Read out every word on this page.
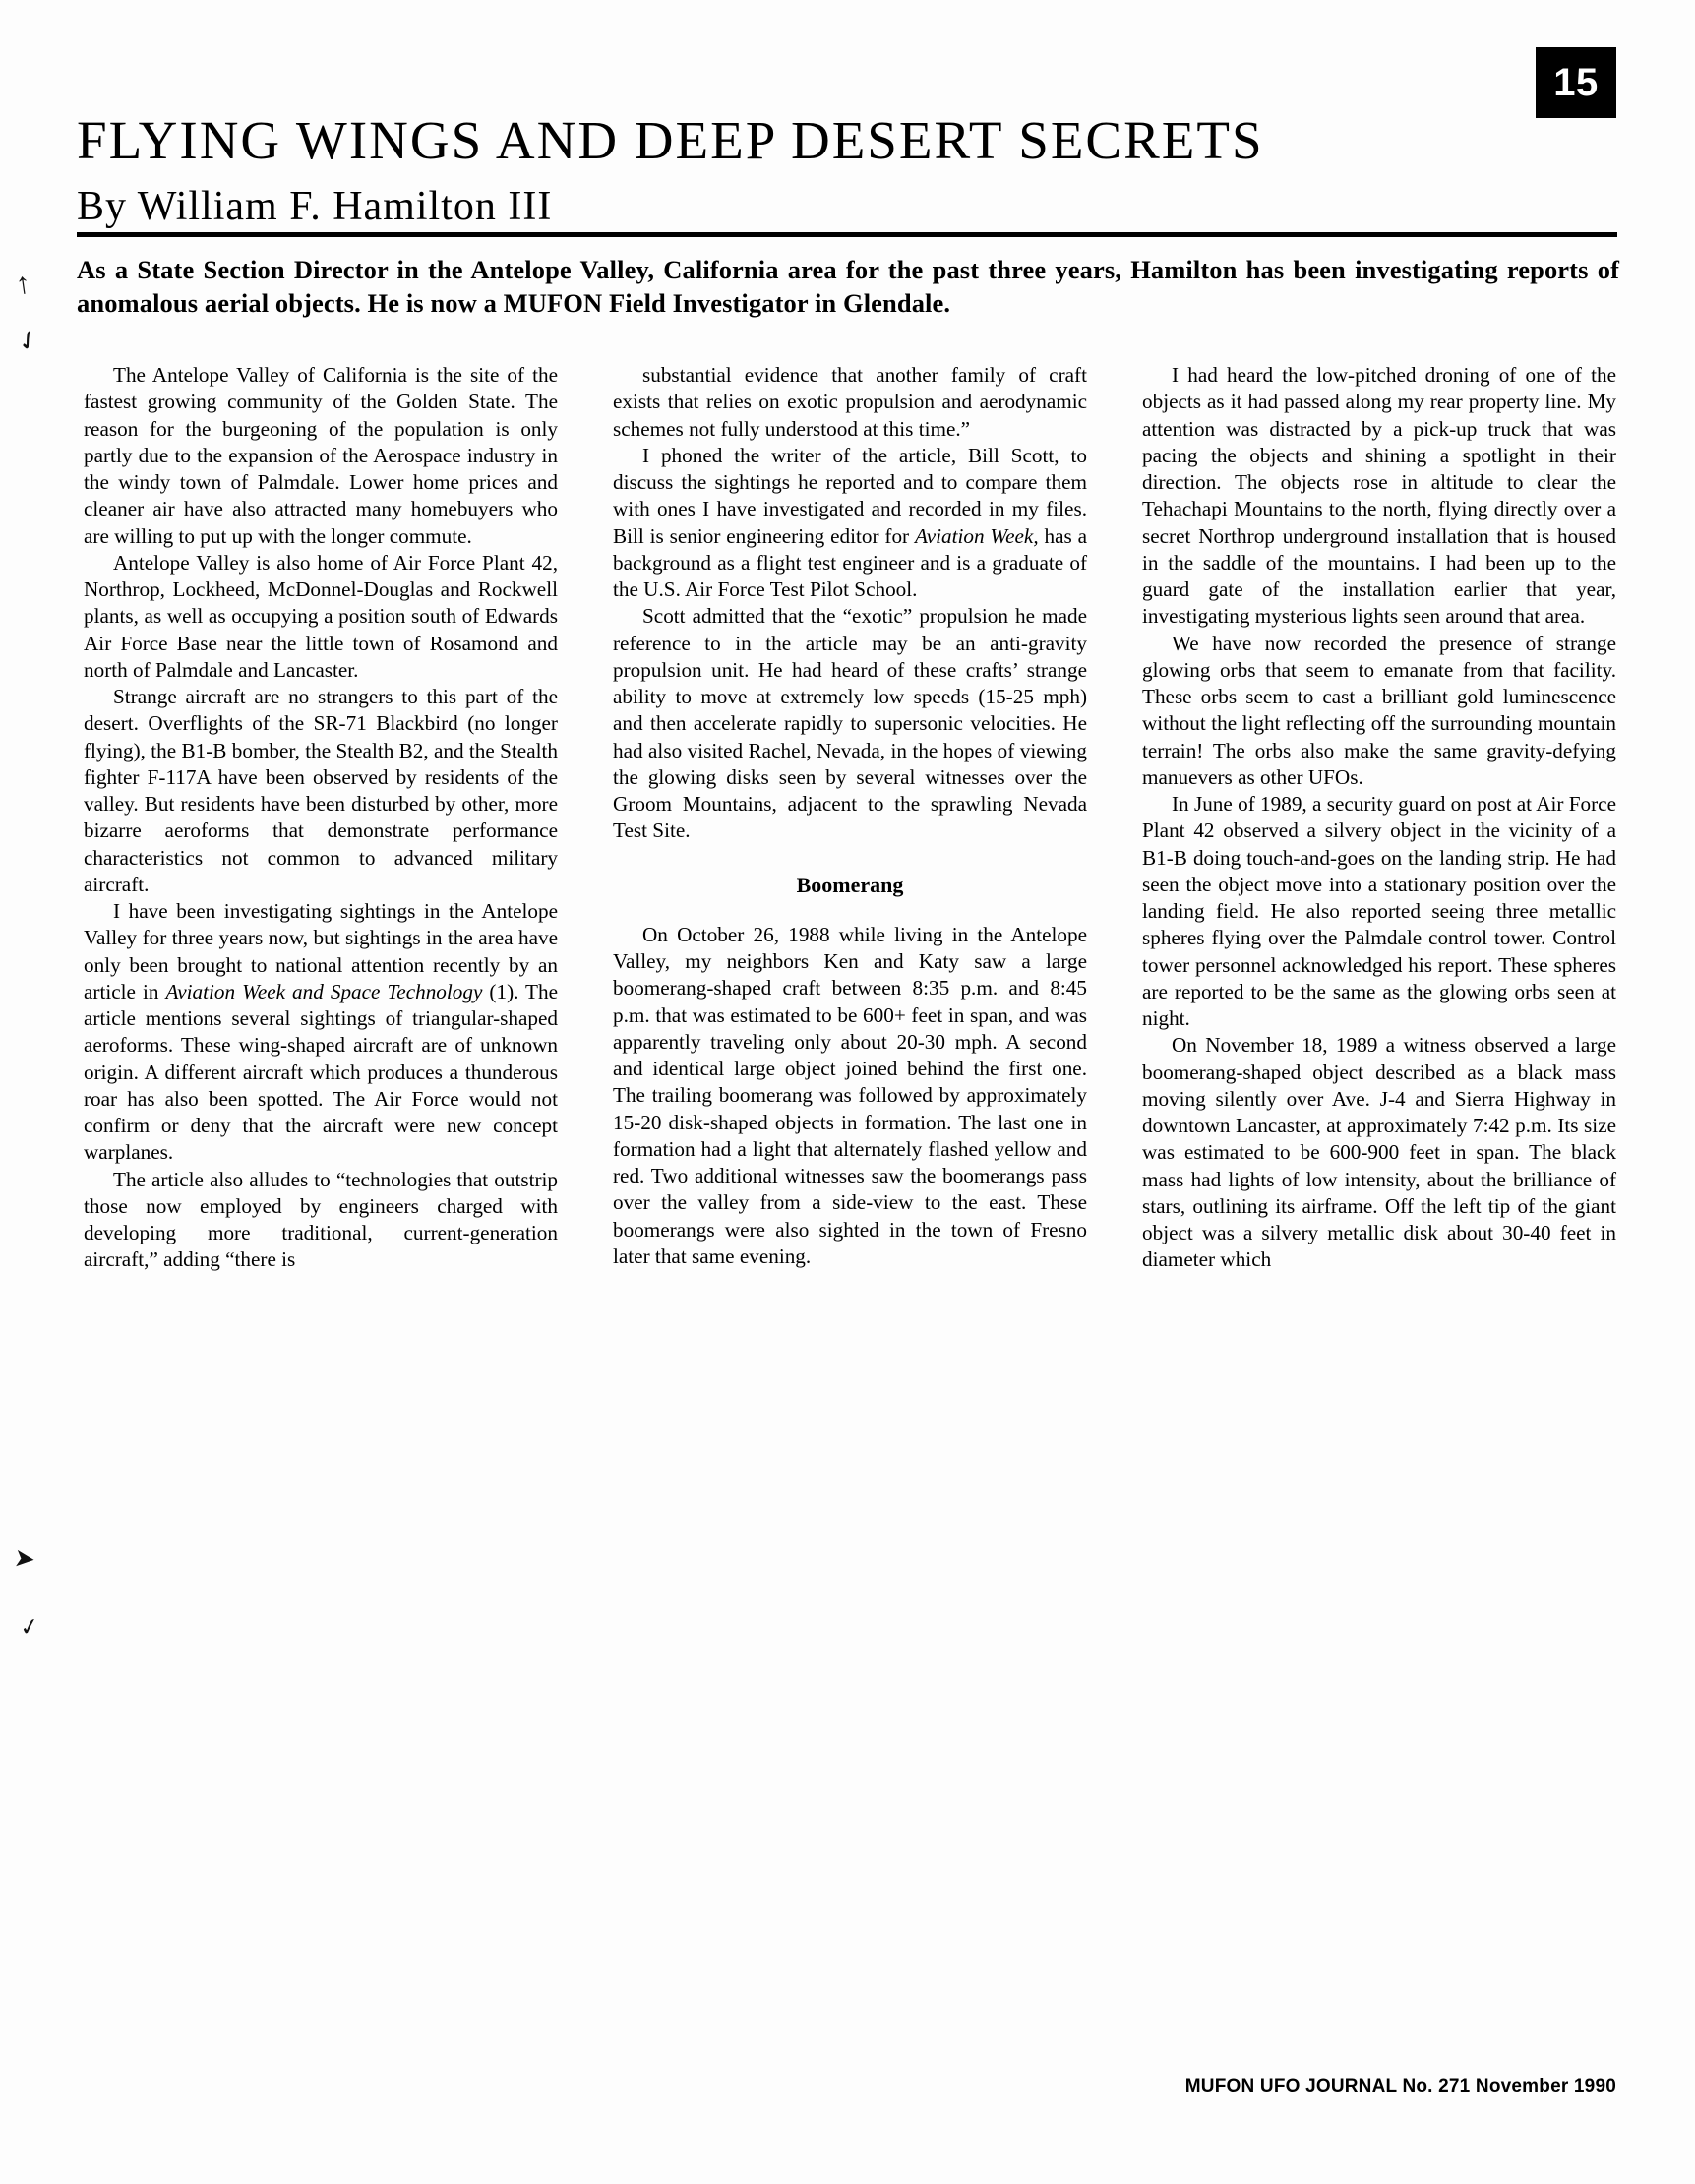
15
FLYING WINGS AND DEEP DESERT SECRETS
By William F. Hamilton III
As a State Section Director in the Antelope Valley, California area for the past three years, Hamilton has been investigating reports of anomalous aerial objects. He is now a MUFON Field Investigator in Glendale.

The Antelope Valley of California is the site of the fastest growing community of the Golden State. The reason for the burgeoning of the population is only partly due to the expansion of the Aerospace industry in the windy town of Palmdale. Lower home prices and cleaner air have also attracted many homebuyers who are willing to put up with the longer commute.

Antelope Valley is also home of Air Force Plant 42, Northrop, Lockheed, McDonnel-Douglas and Rockwell plants, as well as occupying a position south of Edwards Air Force Base near the little town of Rosamond and north of Palmdale and Lancaster.

Strange aircraft are no strangers to this part of the desert. Overflights of the SR-71 Blackbird (no longer flying), the B1-B bomber, the Stealth B2, and the Stealth fighter F-117A have been observed by residents of the valley. But residents have been disturbed by other, more bizarre aeroforms that demonstrate performance characteristics not common to advanced military aircraft.

I have been investigating sightings in the Antelope Valley for three years now, but sightings in the area have only been brought to national attention recently by an article in Aviation Week and Space Technology (1). The article mentions several sightings of triangular-shaped aeroforms. These wing-shaped aircraft are of unknown origin. A different aircraft which produces a thunderous roar has also been spotted. The Air Force would not confirm or deny that the aircraft were new concept warplanes.

The article also alludes to “technologies that outstrip those now employed by engineers charged with developing more traditional, current-generation aircraft,” adding “there is

substantial evidence that another family of craft exists that relies on exotic propulsion and aerodynamic schemes not fully understood at this time.”

I phoned the writer of the article, Bill Scott, to discuss the sightings he reported and to compare them with ones I have investigated and recorded in my files. Bill is senior engineering editor for Aviation Week, has a background as a flight test engineer and is a graduate of the U.S. Air Force Test Pilot School.

Scott admitted that the “exotic” propulsion he made reference to in the article may be an anti-gravity propulsion unit. He had heard of these crafts’ strange ability to move at extremely low speeds (15-25 mph) and then accelerate rapidly to supersonic velocities. He had also visited Rachel, Nevada, in the hopes of viewing the glowing disks seen by several witnesses over the Groom Mountains, adjacent to the sprawling Nevada Test Site.

Boomerang

On October 26, 1988 while living in the Antelope Valley, my neighbors Ken and Katy saw a large boomerang-shaped craft between 8:35 p.m. and 8:45 p.m. that was estimated to be 600+ feet in span, and was apparently traveling only about 20-30 mph. A second and identical large object joined behind the first one. The trailing boomerang was followed by approximately 15-20 disk-shaped objects in formation. The last one in formation had a light that alternately flashed yellow and red. Two additional witnesses saw the boomerangs pass over the valley from a side-view to the east. These boomerangs were also sighted in the town of Fresno later that same evening.

I had heard the low-pitched droning of one of the objects as it had passed along my rear property line. My attention was distracted by a pick-up truck that was pacing the objects and shining a spotlight in their direction. The objects rose in altitude to clear the Tehachapi Mountains to the north, flying directly over a secret Northrop underground installation that is housed in the saddle of the mountains. I had been up to the guard gate of the installation earlier that year, investigating mysterious lights seen around that area.

We have now recorded the presence of strange glowing orbs that seem to emanate from that facility. These orbs seem to cast a brilliant gold luminescence without the light reflecting off the surrounding mountain terrain! The orbs also make the same gravity-defying manuevers as other UFOs.

In June of 1989, a security guard on post at Air Force Plant 42 observed a silvery object in the vicinity of a B1-B doing touch-and-goes on the landing strip. He had seen the object move into a stationary position over the landing field. He also reported seeing three metallic spheres flying over the Palmdale control tower. Control tower personnel acknowledged his report. These spheres are reported to be the same as the glowing orbs seen at night.

On November 18, 1989 a witness observed a large boomerang-shaped object described as a black mass moving silently over Ave. J-4 and Sierra Highway in downtown Lancaster, at approximately 7:42 p.m. Its size was estimated to be 600-900 feet in span. The black mass had lights of low intensity, about the brilliance of stars, outlining its airframe. Off the left tip of the giant object was a silvery metallic disk about 30-40 feet in diameter which

MUFON UFO JOURNAL No. 271 November 1990
↑
✓
➤
✓
